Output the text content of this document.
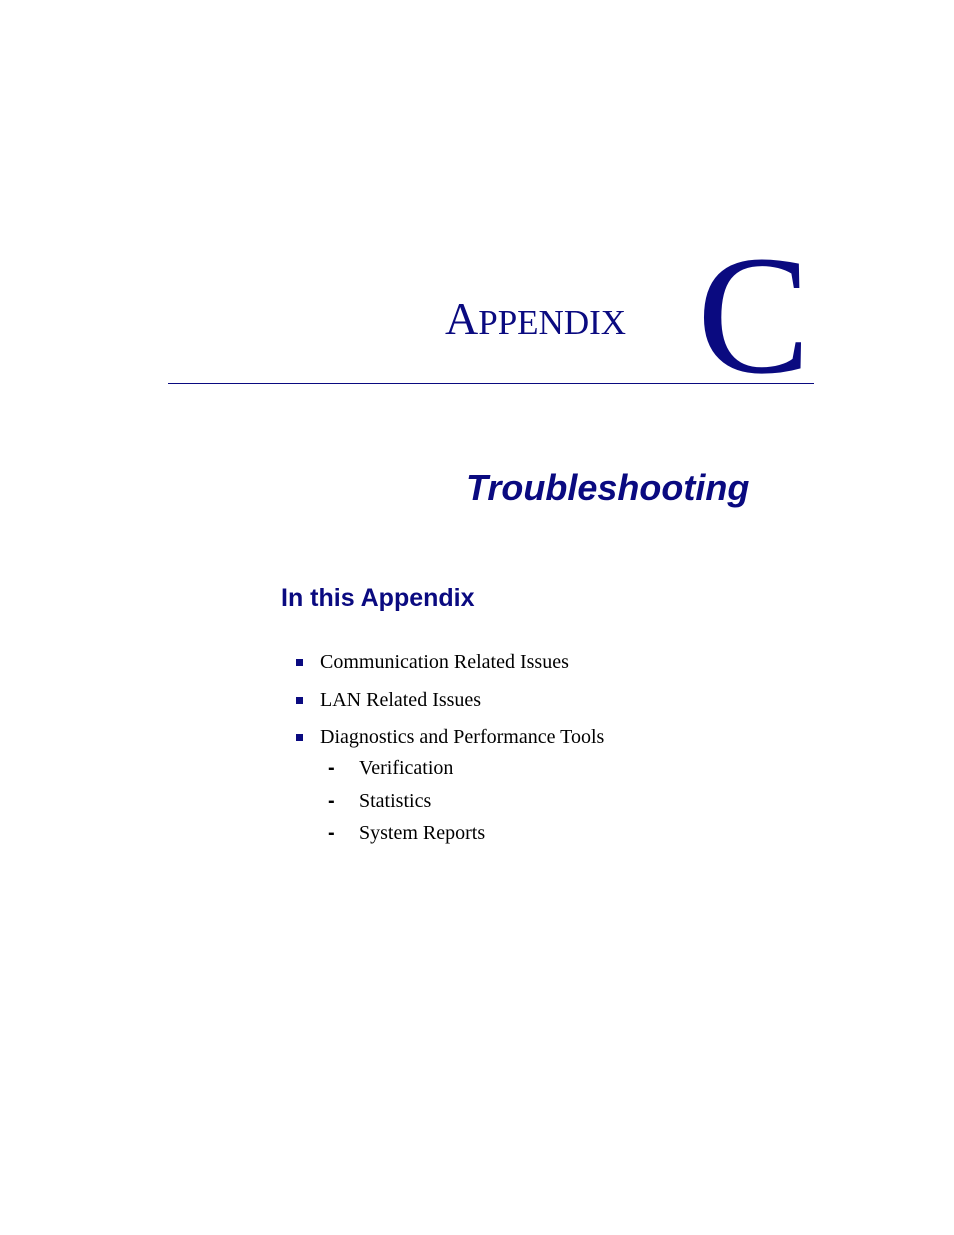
APPENDIX C
Troubleshooting
In this Appendix
Communication Related Issues
LAN Related Issues
Diagnostics and Performance Tools
- Verification
- Statistics
- System Reports
